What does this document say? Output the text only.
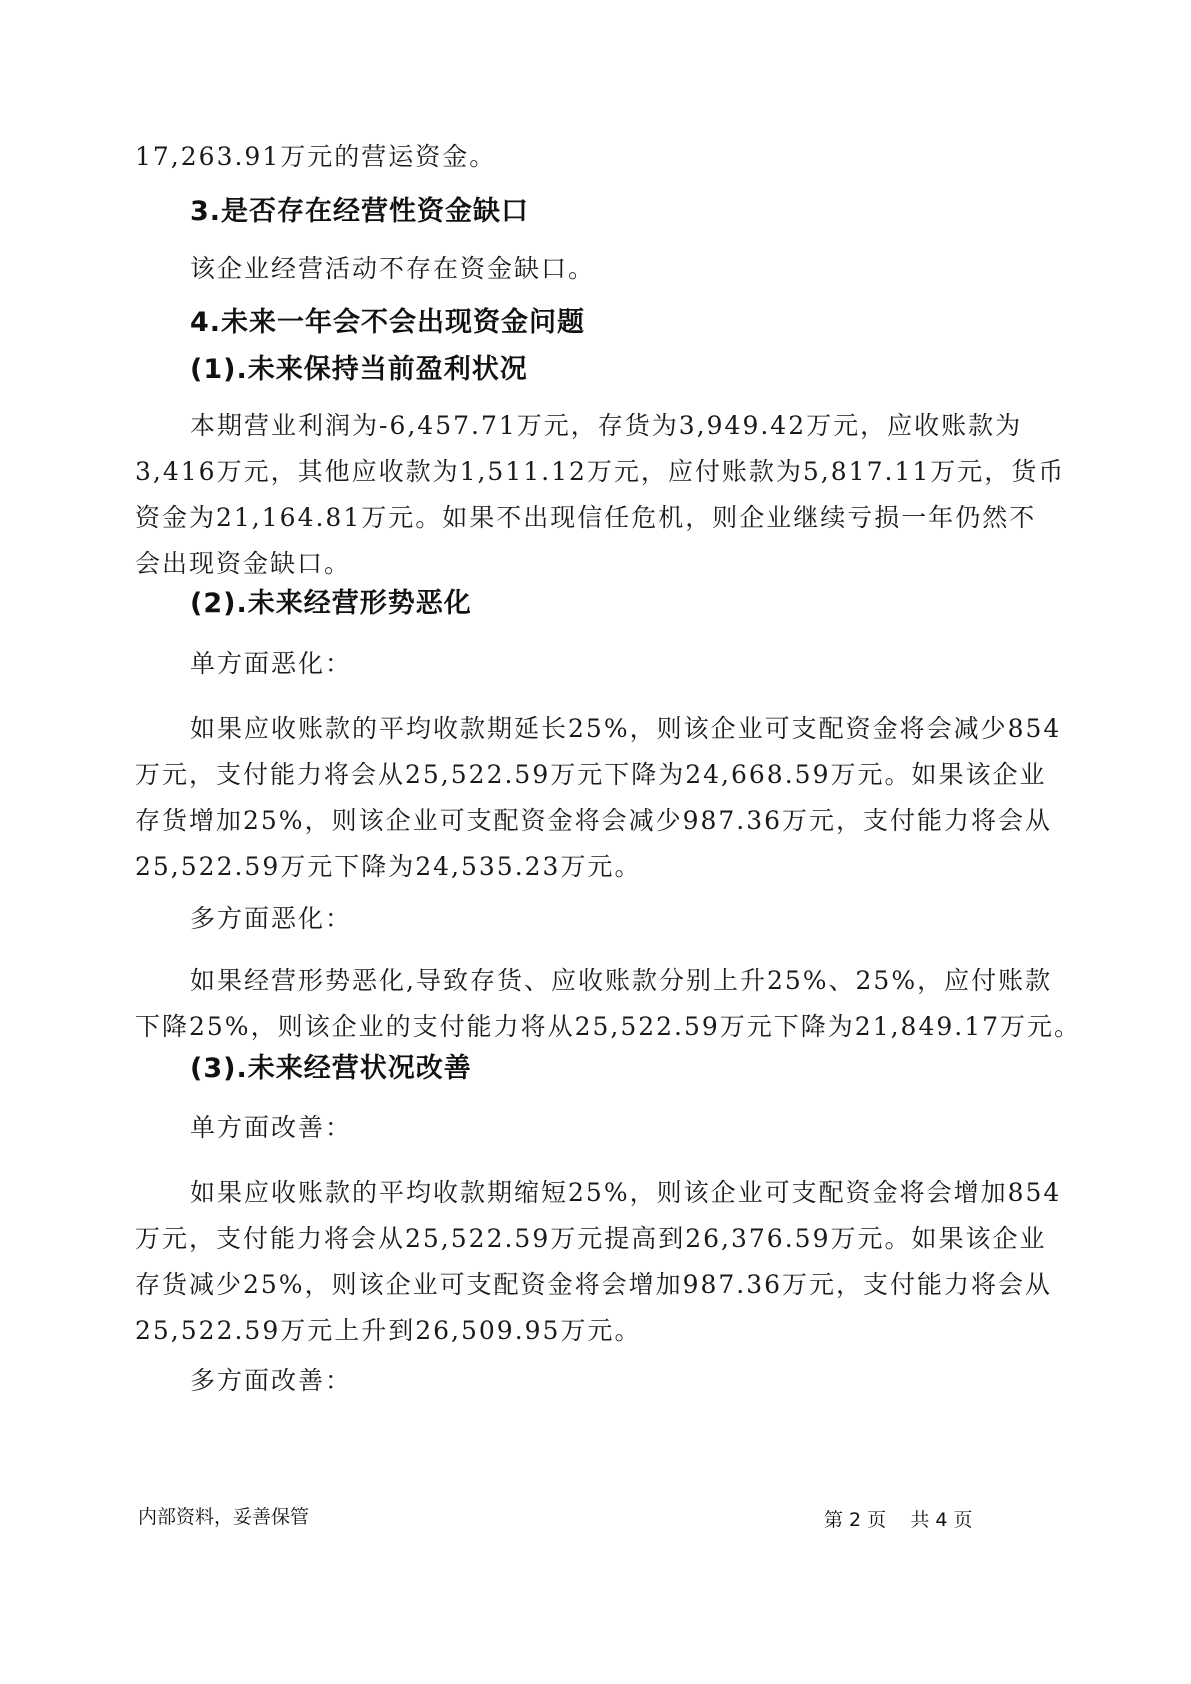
17,263.91万元的营运资金。

3.是否存在经营性资金缺口

该企业经营活动不存在资金缺口。

4.未来一年会不会出现资金问题
(1).未来保持当前盈利状况
本期营业利润为-6,457.71万元，存货为3,949.42万元，应收账款为
3,416万元，其他应收款为1,511.12万元，应付账款为5,817.11万元，货币
资金为21,164.81万元。如果不出现信任危机，则企业继续亏损一年仍然不
会出现资金缺口。
(2).未来经营形势恶化

单方面恶化：

如果应收账款的平均收款期延长25%，则该企业可支配资金将会减少854
万元，支付能力将会从25,522.59万元下降为24,668.59万元。如果该企业
存货增加25%，则该企业可支配资金将会减少987.36万元，支付能力将会从
25,522.59万元下降为24,535.23万元。

多方面恶化：

如果经营形势恶化,导致存货、应收账款分别上升25%、25%，应付账款
下降25%，则该企业的支付能力将从25,522.59万元下降为21,849.17万元。
(3).未来经营状况改善

单方面改善：

如果应收账款的平均收款期缩短25%，则该企业可支配资金将会增加854
万元，支付能力将会从25,522.59万元提高到26,376.59万元。如果该企业
存货减少25%，则该企业可支配资金将会增加987.36万元，支付能力将会从
25,522.59万元上升到26,509.95万元。

多方面改善：

内部资料，妥善保管	第 2 页    共 4 页
